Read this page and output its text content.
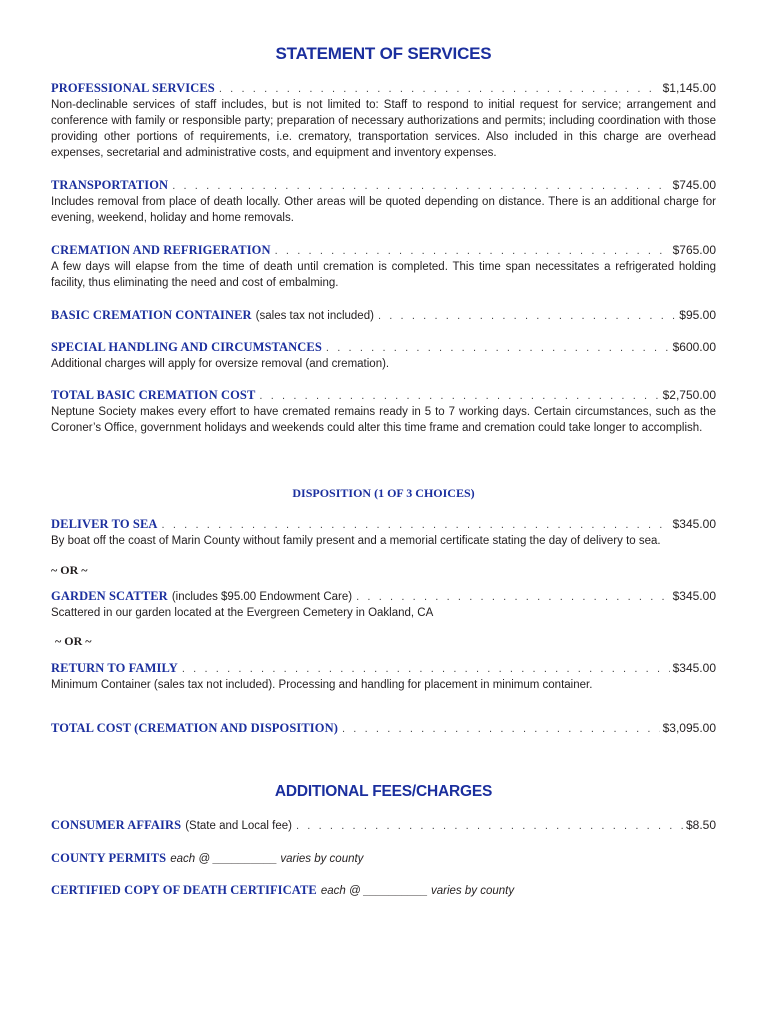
STATEMENT OF SERVICES
PROFESSIONAL SERVICES . . .	$1,145.00
Non-declinable services of staff includes, but is not limited to: Staff to respond to initial request for service; arrangement and conference with family or responsible party; preparation of necessary authorizations and permits; including coordination with those providing other portions of requirements, i.e. crematory, transportation services. Also included in this charge are overhead expenses, secretarial and administrative costs, and equipment and inventory expenses.
TRANSPORTATION . . .	$745.00
Includes removal from place of death locally. Other areas will be quoted depending on distance. There is an additional charge for evening, weekend, holiday and home removals.
CREMATION AND REFRIGERATION . . .	$765.00
A few days will elapse from the time of death until cremation is completed. This time span necessitates a refrigerated holding facility, thus eliminating the need and cost of embalming.
BASIC CREMATION CONTAINER (sales tax not included) . . .	$95.00
SPECIAL HANDLING AND CIRCUMSTANCES . . .	$600.00
Additional charges will apply for oversize removal (and cremation).
TOTAL BASIC CREMATION COST . . .	$2,750.00
Neptune Society makes every effort to have cremated remains ready in 5 to 7 working days. Certain circumstances, such as the Coroner’s Office, government holidays and weekends could alter this time frame and cremation could take longer to accomplish.
DISPOSITION (1 OF 3 CHOICES)
DELIVER TO SEA . . .	$345.00
By boat off the coast of Marin County without family present and a memorial certificate stating the day of delivery to sea.
~ OR ~
GARDEN SCATTER (includes $95.00 Endowment Care) . . .	$345.00
Scattered in our garden located at the Evergreen Cemetery in Oakland, CA
~ OR ~
RETURN TO FAMILY . . .	$345.00
Minimum Container (sales tax not included). Processing and handling for placement in minimum container.
TOTAL COST (CREMATION AND DISPOSITION) . . .	$3,095.00
ADDITIONAL FEES/CHARGES
CONSUMER AFFAIRS (State and Local fee) . . .	$8.50
COUNTY PERMITS each @ __________ varies by county
CERTIFIED COPY OF DEATH CERTIFICATE each @ __________ varies by county
